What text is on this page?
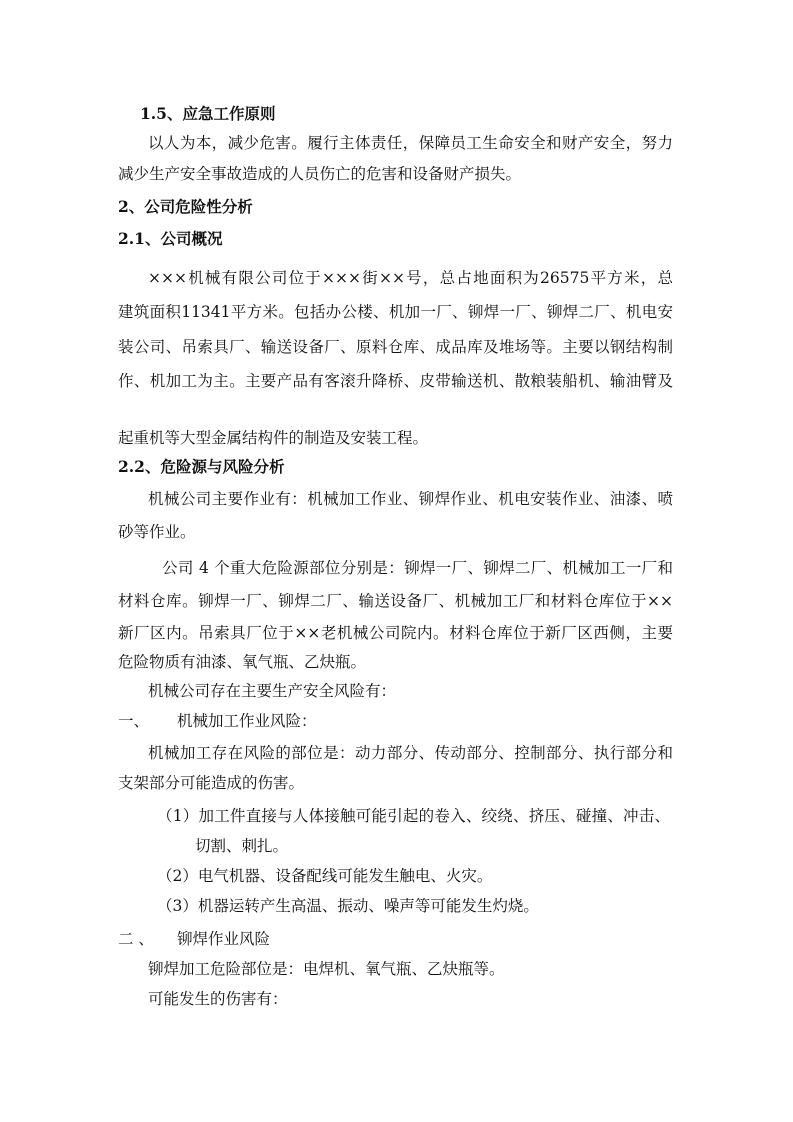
1.5、应急工作原则
以人为本，减少危害。履行主体责任，保障员工生命安全和财产安全，努力
减少生产安全事故造成的人员伤亡的危害和设备财产损失。
2、公司危险性分析
2.1、公司概况
×××机械有限公司位于×××街××号，总占地面积为26575平方米，总
建筑面积11341平方米。包括办公楼、机加一厂、铆焊一厂、铆焊二厂、机电安
装公司、吊索具厂、输送设备厂、原料仓库、成品库及堆场等。主要以钢结构制
作、机加工为主。主要产品有客滚升降桥、皮带输送机、散粮装船机、输油臂及
起重机等大型金属结构件的制造及安装工程。
2.2、危险源与风险分析
机械公司主要作业有：机械加工作业、铆焊作业、机电安装作业、油漆、喷
砂等作业。
公司 4 个重大危险源部位分别是：铆焊一厂、铆焊二厂、机械加工一厂和
材料仓库。铆焊一厂、铆焊二厂、输送设备厂、机械加工厂和材料仓库位于××
新厂区内。吊索具厂位于××老机械公司院内。材料仓库位于新厂区西侧，主要
危险物质有油漆、氧气瓶、乙炔瓶。
机械公司存在主要生产安全风险有：
一、 机械加工作业风险：
机械加工存在风险的部位是：动力部分、传动部分、控制部分、执行部分和
支架部分可能造成的伤害。
（1）加工件直接与人体接触可能引起的卷入、绞绕、挤压、碰撞、冲击、
切割、刺扎。
（2）电气机器、设备配线可能发生触电、火灾。
（3）机器运转产生高温、振动、噪声等可能发生灼烧。
二 、 铆焊作业风险
铆焊加工危险部位是：电焊机、氧气瓶、乙炔瓶等。
可能发生的伤害有：
